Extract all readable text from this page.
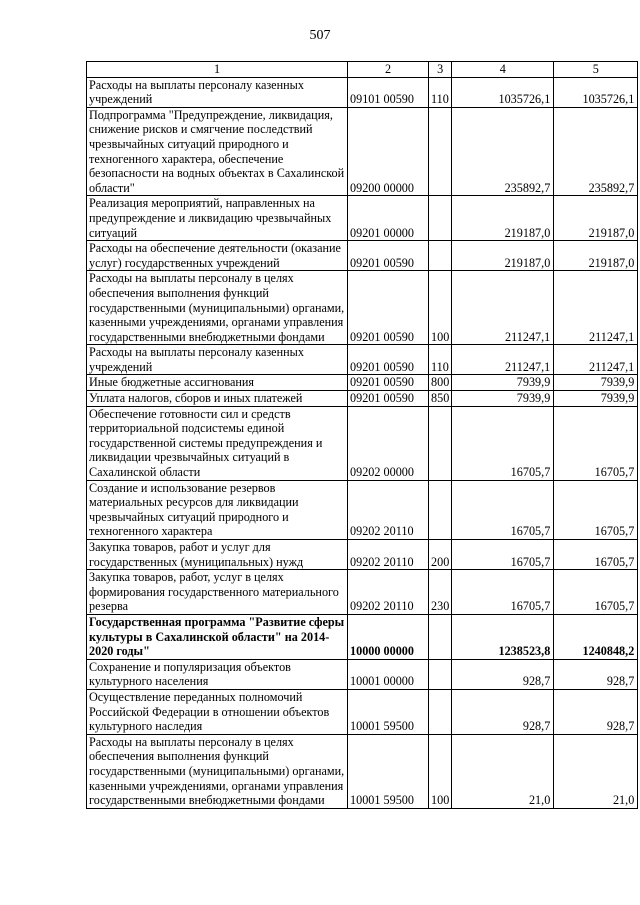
507
1	2	3	4	5
Расходы на выплаты персоналу казенных учреждений	09101 00590	110	1035726,1	1035726,1
Подпрограмма "Предупреждение, ликвидация, снижение рисков и смягчение последствий чрезвычайных ситуаций природного и техногенного характера, обеспечение безопасности на водных объектах в Сахалинской области"	09200 00000		235892,7	235892,7
Реализация мероприятий, направленных на предупреждение и ликвидацию чрезвычайных ситуаций	09201 00000		219187,0	219187,0
Расходы на обеспечение деятельности (оказание услуг) государственных учреждений	09201 00590		219187,0	219187,0
Расходы на выплаты персоналу в целях обеспечения выполнения функций государственными (муниципальными) органами, казенными учреждениями, органами управления государственными внебюджетными фондами	09201 00590	100	211247,1	211247,1
Расходы на выплаты персоналу казенных учреждений	09201 00590	110	211247,1	211247,1
Иные бюджетные ассигнования	09201 00590	800	7939,9	7939,9
Уплата налогов, сборов и иных платежей	09201 00590	850	7939,9	7939,9
Обеспечение готовности сил и средств территориальной подсистемы единой государственной системы предупреждения и ликвидации чрезвычайных ситуаций в Сахалинской области	09202 00000		16705,7	16705,7
Создание и использование резервов материальных ресурсов для ликвидации чрезвычайных ситуаций природного и техногенного характера	09202 20110		16705,7	16705,7
Закупка товаров, работ и услуг для государственных (муниципальных) нужд	09202 20110	200	16705,7	16705,7
Закупка товаров, работ, услуг в целях формирования государственного материального резерва	09202 20110	230	16705,7	16705,7
Государственная программа "Развитие сферы культуры в Сахалинской области" на 2014-2020 годы"	10000 00000		1238523,8	1240848,2
Сохранение и популяризация объектов культурного населения	10001 00000		928,7	928,7
Осуществление переданных полномочий Российской Федерации в отношении объектов культурного наследия	10001 59500		928,7	928,7
Расходы на выплаты персоналу в целях обеспечения выполнения функций государственными (муниципальными) органами, казенными учреждениями, органами управления государственными внебюджетными фондами	10001 59500	100	21,0	21,0
